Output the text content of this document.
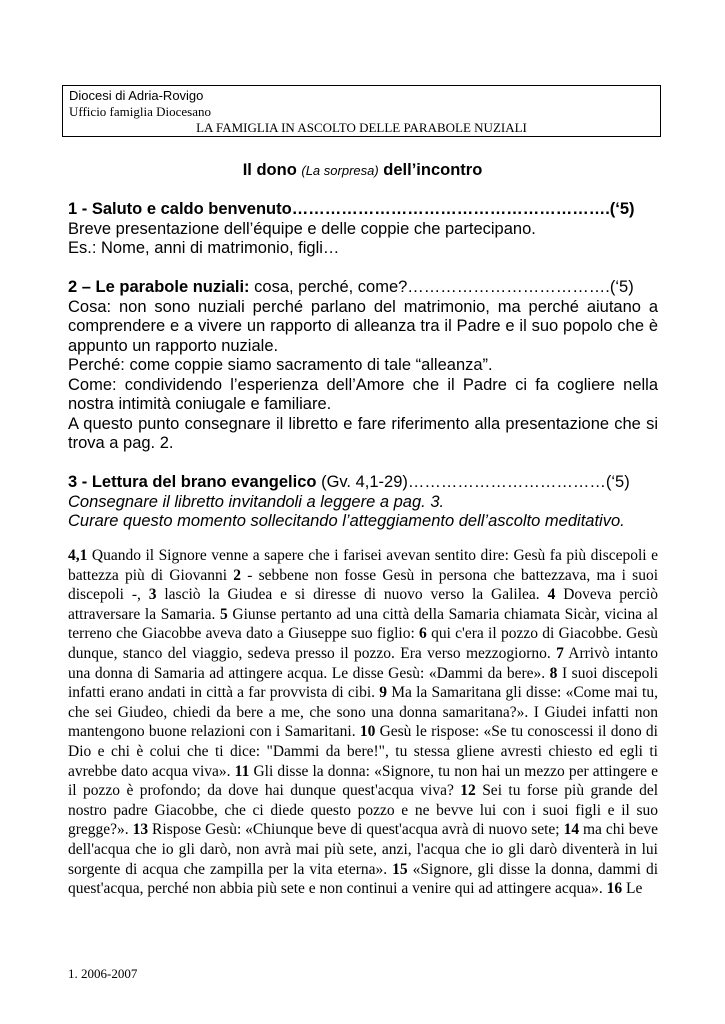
Diocesi di Adria-Rovigo
Ufficio famiglia Diocesano
LA FAMIGLIA IN ASCOLTO DELLE PARABOLE NUZIALI
Il dono (La sorpresa) dell’incontro
1 - Saluto e caldo benvenuto………………………………………………….(‘5)
Breve presentazione dell’équipe e delle coppie che partecipano.
Es.: Nome, anni di matrimonio, figli…
2 – Le parabole nuziali: cosa, perché, come?……………………………….(‘5)
Cosa: non sono nuziali perché parlano del matrimonio, ma perché aiutano a comprendere e a vivere un rapporto di alleanza tra il Padre e il suo popolo che è appunto un rapporto nuziale.
Perché: come coppie siamo sacramento di tale “alleanza”.
Come: condividendo l’esperienza dell’Amore che il Padre ci fa cogliere nella nostra intimità coniugale e familiare.
A questo punto consegnare il libretto e fare riferimento alla presentazione che si trova a pag. 2.
3 - Lettura del brano evangelico (Gv. 4,1-29)………………………………(‘5)
Consegnare il libretto invitandoli a leggere a pag. 3.
Curare questo momento sollecitando l’atteggiamento dell’ascolto meditativo.
4,1 Quando il Signore venne a sapere che i farisei avevan sentito dire: Gesù fa più discepoli e battezza più di Giovanni 2 - sebbene non fosse Gesù in persona che battezzava, ma i suoi discepoli -, 3 lasciò la Giudea e si diresse di nuovo verso la Galilea. 4 Doveva perciò attraversare la Samaria. 5 Giunse pertanto ad una città della Samaria chiamata Sicàr, vicina al terreno che Giacobbe aveva dato a Giuseppe suo figlio: 6 qui c'era il pozzo di Giacobbe. Gesù dunque, stanco del viaggio, sedeva presso il pozzo. Era verso mezzogiorno. 7 Arrivò intanto una donna di Samaria ad attingere acqua. Le disse Gesù: «Dammi da bere». 8 I suoi discepoli infatti erano andati in città a far provvista di cibi. 9 Ma la Samaritana gli disse: «Come mai tu, che sei Giudeo, chiedi da bere a me, che sono una donna samaritana?». I Giudei infatti non mantengono buone relazioni con i Samaritani. 10 Gesù le rispose: «Se tu conoscessi il dono di Dio e chi è colui che ti dice: "Dammi da bere!", tu stessa gliene avresti chiesto ed egli ti avrebbe dato acqua viva». 11 Gli disse la donna: «Signore, tu non hai un mezzo per attingere e il pozzo è profondo; da dove hai dunque quest'acqua viva? 12 Sei tu forse più grande del nostro padre Giacobbe, che ci diede questo pozzo e ne bevve lui con i suoi figli e il suo gregge?». 13 Rispose Gesù: «Chiunque beve di quest'acqua avrà di nuovo sete; 14 ma chi beve dell'acqua che io gli darò, non avrà mai più sete, anzi, l'acqua che io gli darò diventerà in lui sorgente di acqua che zampilla per la vita eterna». 15 «Signore, gli disse la donna, dammi di quest'acqua, perché non abbia più sete e non continui a venire qui ad attingere acqua». 16 Le
1. 2006-2007
